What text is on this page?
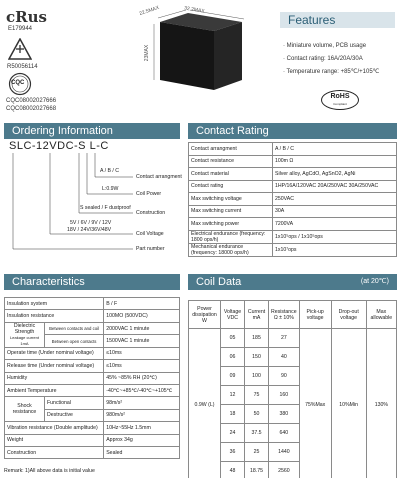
cRus
E179944
R50056114
CQC
CQC08002027666
CQC08002027668
22.5MAX	32.2MAX
23MAX
Features
· Miniature volume, PCB usage
· Contact rating: 16A/20A/30A
· Temperature range: +85℃/+105℃
RoHS
Compliant
Ordering Information
SLC-12VDC-S L-C
A / B / C
Contact arrangment
L:0.9W
Coil Power
S sealed / F dustproof
Construction
5V / 6V / 9V / 12V
18V / 24V/36V/48V
Coil Voltage
Part number
Contact Rating
Contact arrangment	A / B / C
Contact resistance	100m Ω
Contact material	Silver alloy, AgCdO, AgSnO2, AgNi
Contact rating	1HP/16A/120VAC 20A/250VAC 30A/250VAC
Max switching voltage	250VAC
Max switching current	30A
Max switching power	7200VA
Electrical endurance (frequency: 1800 ops/h)	1x10⁵ops / 1x10⁵ops
Mechanical endurance (frequency: 18000 ops/h)	1x10⁷ops
Characteristics
Insulation system		B / F
Insulation resistance		100MO (500VDC)
Dielectric Strength
Leakage current 1mA	Between contacts and coil	2000VAC 1 minute
	Between open contacts	1500VAC 1 minute
Operate time (Under nominal voltage)		≤10ms
Release time (Under nominal voltage)		≤10ms
Humidity		45% ~85% RH (20℃)
Ambient Temperature		-40℃~+85℃/-40℃~+105℃
Shock resistance	Functional	98m/s²
	Destructive	980m/s²
Vibration resistance (Double amplitude)		10Hz~55Hz 1.5mm
Weight		Approx 34g
Construction		Sealed
Coil Data	(at 20℃)
Power dissipation W	Voltage VDC	Current mA	Resistance Ω ± 10%	Pick-up voltage	Drop-out voltage	Max allowable
0.9W (L)	05	185	27	75%Max	10%Min	130%
	06	150	40			
	09	100	90			
	12	75	160			
	18	50	380			
	24	37.5	640			
	36	25	1440			
	48	18.75	2560			
Remark: 1)All above data is initial value
